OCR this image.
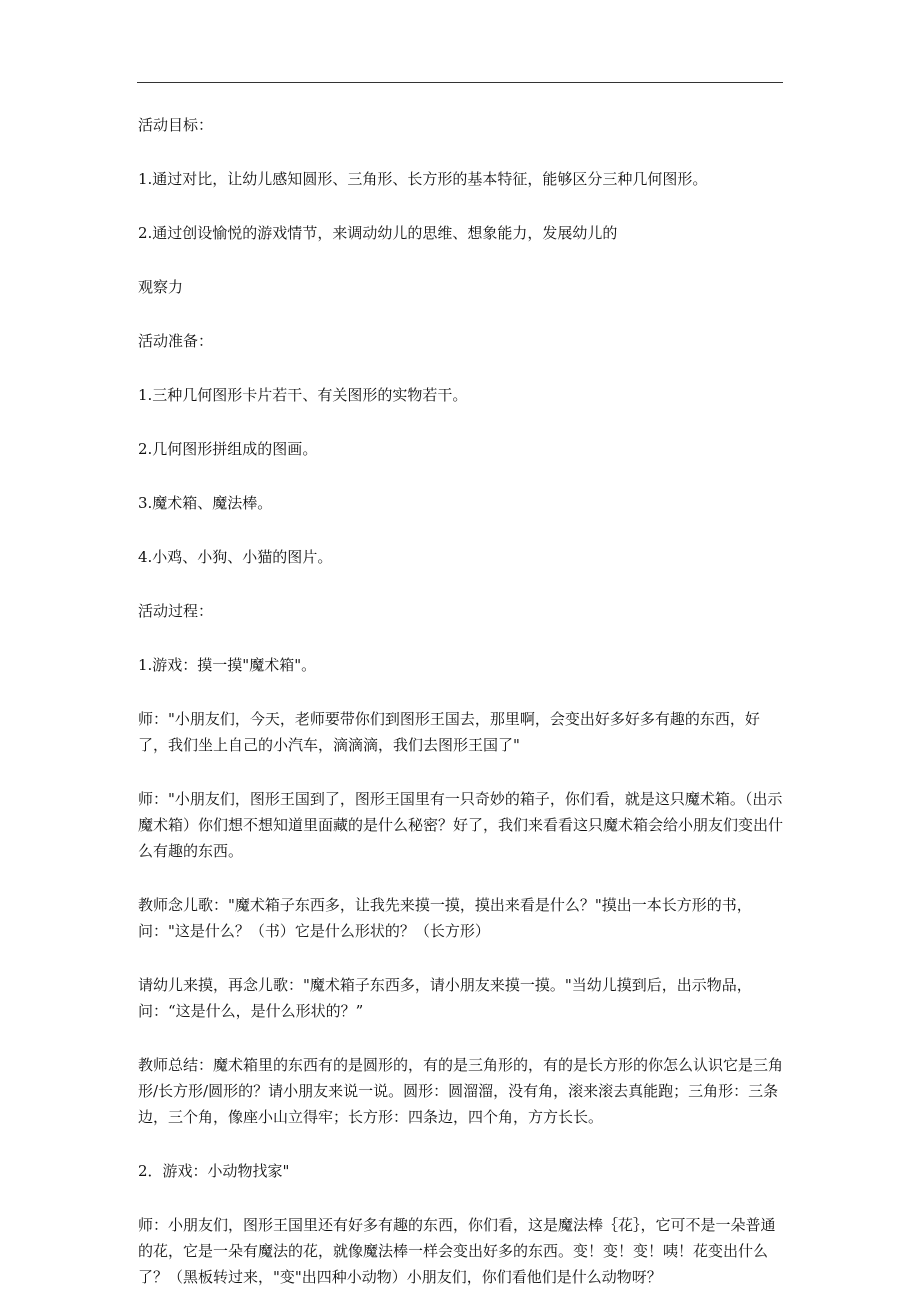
活动目标：

1.通过对比，让幼儿感知圆形、三角形、长方形的基本特征，能够区分三种几何图形。

2.通过创设愉悦的游戏情节，来调动幼儿的思维、想象能力，发展幼儿的

观察力

活动准备：

1.三种几何图形卡片若干、有关图形的实物若干。

2.几何图形拼组成的图画。

3.魔术箱、魔法棒。

4.小鸡、小狗、小猫的图片。

活动过程：

1.游戏：摸一摸"魔术箱"。

师："小朋友们，今天，老师要带你们到图形王国去，那里啊，会变出好多好多有趣的东西，好了，我们坐上自己的小汽车，滴滴滴，我们去图形王国了"

师："小朋友们，图形王国到了，图形王国里有一只奇妙的箱子，你们看，就是这只魔术箱。（出示魔术箱）你们想不想知道里面藏的是什么秘密？好了，我们来看看这只魔术箱会给小朋友们变出什么有趣的东西。

教师念儿歌："魔术箱子东西多，让我先来摸一摸，摸出来看是什么？"摸出一本长方形的书，问："这是什么？（书）它是什么形状的？（长方形）

请幼儿来摸，再念儿歌："魔术箱子东西多，请小朋友来摸一摸。"当幼儿摸到后，出示物品，问：“这是什么，是什么形状的？”

教师总结：魔术箱里的东西有的是圆形的，有的是三角形的，有的是长方形的你怎么认识它是三角形/长方形/圆形的？请小朋友来说一说。圆形：圆溜溜，没有角，滚来滚去真能跑；三角形：三条边，三个角，像座小山立得牢；长方形：四条边，四个角，方方长长。

2．游戏：小动物找家"

师：小朋友们，图形王国里还有好多有趣的东西，你们看，这是魔法棒｛花｝，它可不是一朵普通的花，它是一朵有魔法的花，就像魔法棒一样会变出好多的东西。变！变！变！咦！花变出什么了？（黑板转过来，"变"出四种小动物）小朋友们，你们看他们是什么动物呀？
